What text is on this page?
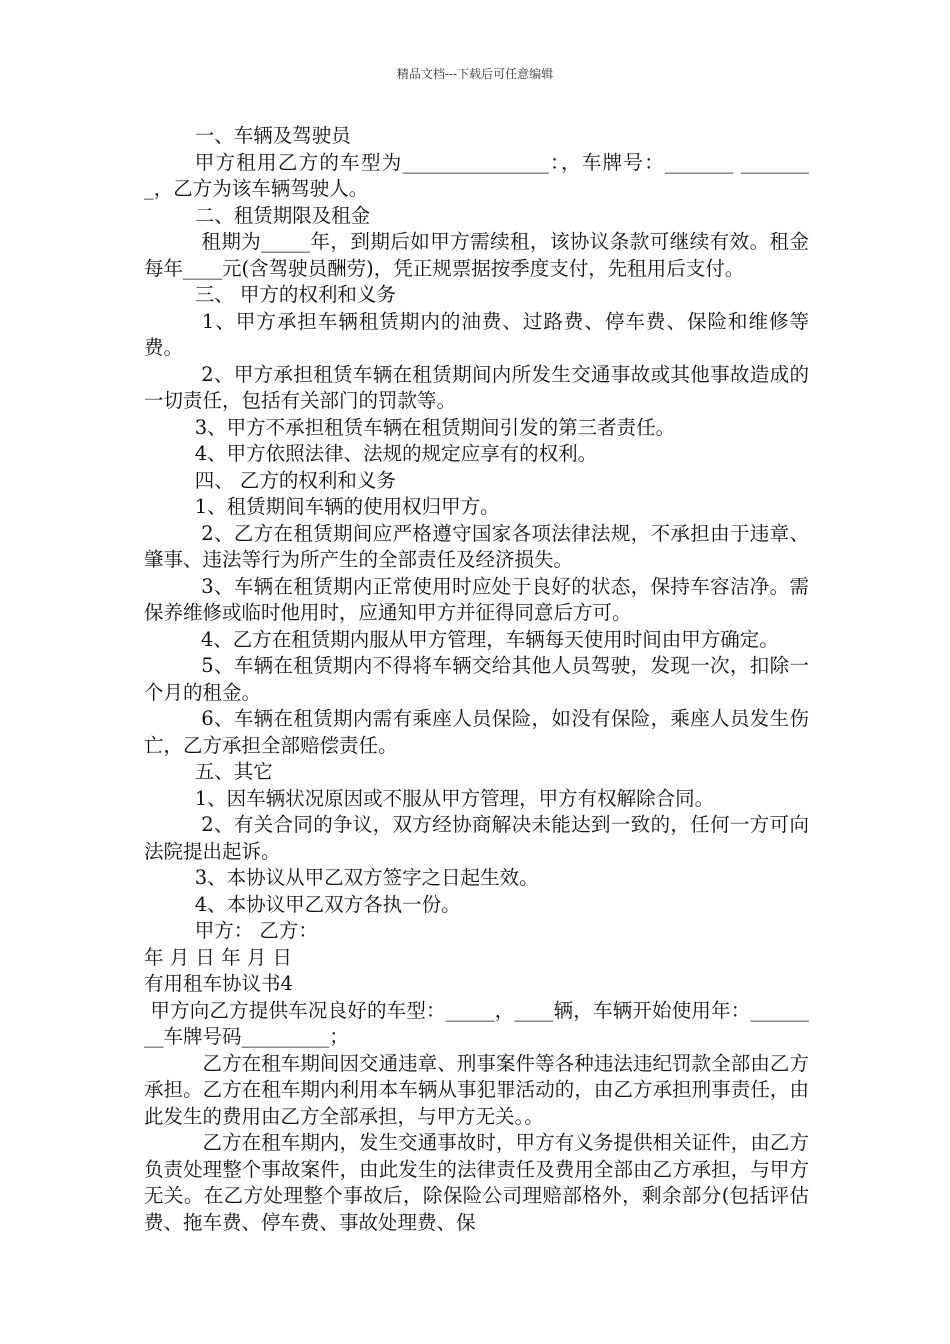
精品文档---下载后可任意编辑

一、车辆及驾驶员

甲方租用乙方的车型为_______________：，车牌号：_______ ________，乙方为该车辆驾驶人。

二、租赁期限及租金

租期为_____年，到期后如甲方需续租，该协议条款可继续有效。租金每年____元(含驾驶员酬劳)，凭正规票据按季度支付，先租用后支付。

三、 甲方的权利和义务

1、甲方承担车辆租赁期内的油费、过路费、停车费、保险和维修等费。

2、甲方承担租赁车辆在租赁期间内所发生交通事故或其他事故造成的一切责任，包括有关部门的罚款等。

3、甲方不承担租赁车辆在租赁期间引发的第三者责任。

4、甲方依照法律、法规的规定应享有的权利。

四、 乙方的权利和义务

1、租赁期间车辆的使用权归甲方。

2、乙方在租赁期间应严格遵守国家各项法律法规，不承担由于违章、肇事、违法等行为所产生的全部责任及经济损失。

3、车辆在租赁期内正常使用时应处于良好的状态，保持车容洁净。需保养维修或临时他用时，应通知甲方并征得同意后方可。

4、乙方在租赁期内服从甲方管理，车辆每天使用时间由甲方确定。

5、车辆在租赁期内不得将车辆交给其他人员驾驶，发现一次，扣除一个月的租金。

6、车辆在租赁期内需有乘座人员保险，如没有保险，乘座人员发生伤亡，乙方承担全部赔偿责任。

五、其它

1、因车辆状况原因或不服从甲方管理，甲方有权解除合同。

2、有关合同的争议，双方经协商解决未能达到一致的，任何一方可向法院提出起诉。

3、本协议从甲乙双方签字之日起生效。

4、本协议甲乙双方各执一份。

甲方： 乙方：

年 月 日 年 月 日

有用租车协议书4

甲方向乙方提供车况良好的车型：_____，____辆，车辆开始使用年：________车牌号码_________；

乙方在租车期间因交通违章、刑事案件等各种违法违纪罚款全部由乙方承担。乙方在租车期内利用本车辆从事犯罪活动的，由乙方承担刑事责任，由此发生的费用由乙方全部承担，与甲方无关。。

乙方在租车期内，发生交通事故时，甲方有义务提供相关证件，由乙方负责处理整个事故案件，由此发生的法律责任及费用全部由乙方承担，与甲方无关。在乙方处理整个事故后，除保险公司理赔部格外，剩余部分(包括评估费、拖车费、停车费、事故处理费、保
